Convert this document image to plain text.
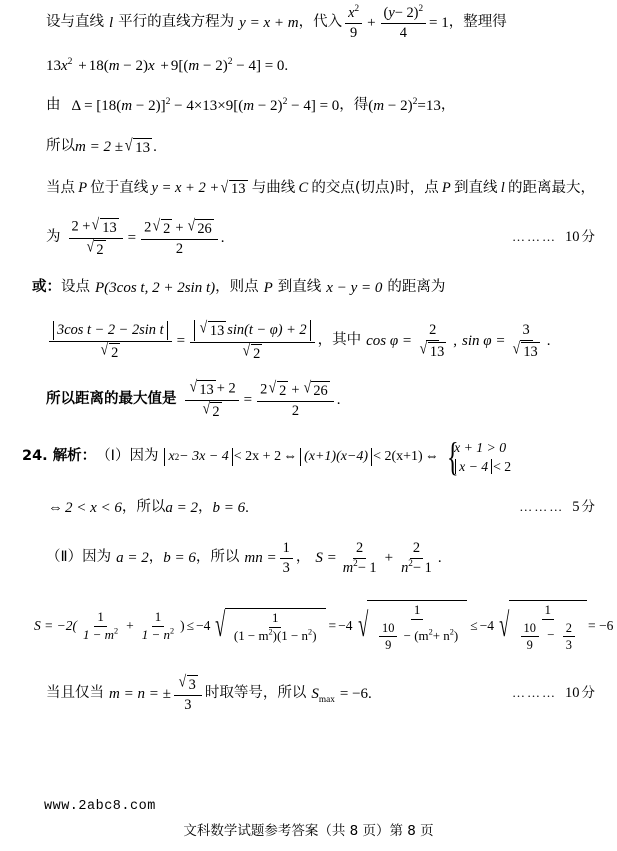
设与直线 l 平行的直线方程为 y = x + m ，代入 $\frac{x^2}{9} + \frac{(y- 2)^2}{4} = 1$ ，整理得
$13x^2 + 18(m - 2)x + 9[(m - 2)^2 - 4] = 0$.
由 $\Delta = [18(m - 2)]^2 - 4\times 13\times 9[(m - 2)^2 - 4] = 0$ ，得 $(m - 2)^2=13$ ，
所以 m = 2 ± √ 13 .
当点 P 位于直线 y = x + 2 + √ 13 与曲线 C 的交点(切点)时，点 P 到直线 l 的距离最大，
为 $\frac{2 + √ 13}{√ 2} = \frac{2 √ 2 + √ 26}{2}$ .	……… 10 分
或： 设点 P(3cos t, 2 + 2sin t) ，则点 P 到直线 x − y = 0 的距离为
$\frac{\text{3cos t − 2 − 2sin t}}{√ 2} = \frac{√ 13 \sin(t - \varphi) + 2}{√ 2}$ ，其中 $\cos \varphi = \frac{2}{√ 13}$ , $\sin \varphi = \frac{3}{√ 13}$ .
所以距离的最大值是 $\frac{√ 13 + 2}{√ 2} = \frac{2 √ 2 + √ 26}{2}$ .
24. 解析： （Ⅰ） 因为 x 2 − 3x − 4 < 2x + 2 ⇔ (x+1)(x−4) < 2(x+1) ⇔ {
x + 1 > 0
x − 4 < 2
⇔ 2 < x < 6 ，所以 a = 2 ， b = 6 .	……… 5 分
（Ⅱ） 因为 a = 2 ， b = 6 ，所以 mn = $\frac{1}{3}$ ， $S = \frac{2}{m^2- 1} + \frac{2}{n^2- 1}$ .
$S = -2( \frac{1}{1 - m^2} + \frac{1}{1 - n^2}$ ) ≤ −4 √ $\frac{1}{(1 - m^2)(1 - n^2)} = -4$ √ $\frac{1}{\frac{10}{9} - (m^2+ n^2)} \le -4$ √	1
$\frac{10}{9} - \frac{2}{3} = -6$
当且仅当 m = n = ± $\frac{√ 3}{3}$ 时取等号，所以 $S_{max} = -6$ .	……… 10 分
www.2abc8.com
文科数学试题参考答案（共 8 页）第 8 页
